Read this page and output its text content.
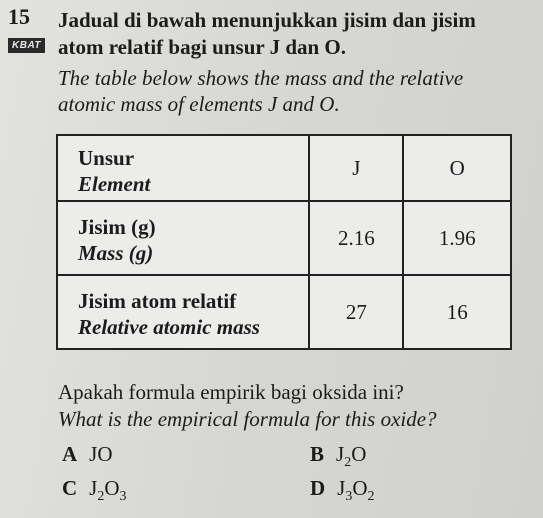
15
KBAT
Jadual di bawah menunjukkan jisim dan jisim
atom relatif bagi unsur J dan O.
The table below shows the mass and the relative
atomic mass of elements J and O.
Unsur
Element	J	O

Jisim (g)
Mass (g)	2.16	1.96

Jisim atom relatif
Relative atomic mass	27	16
Apakah formula empirik bagi oksida ini?
What is the empirical formula for this oxide?
A JO	B $J_2O$
C $J_2O_3$	D $J_3O_2$
